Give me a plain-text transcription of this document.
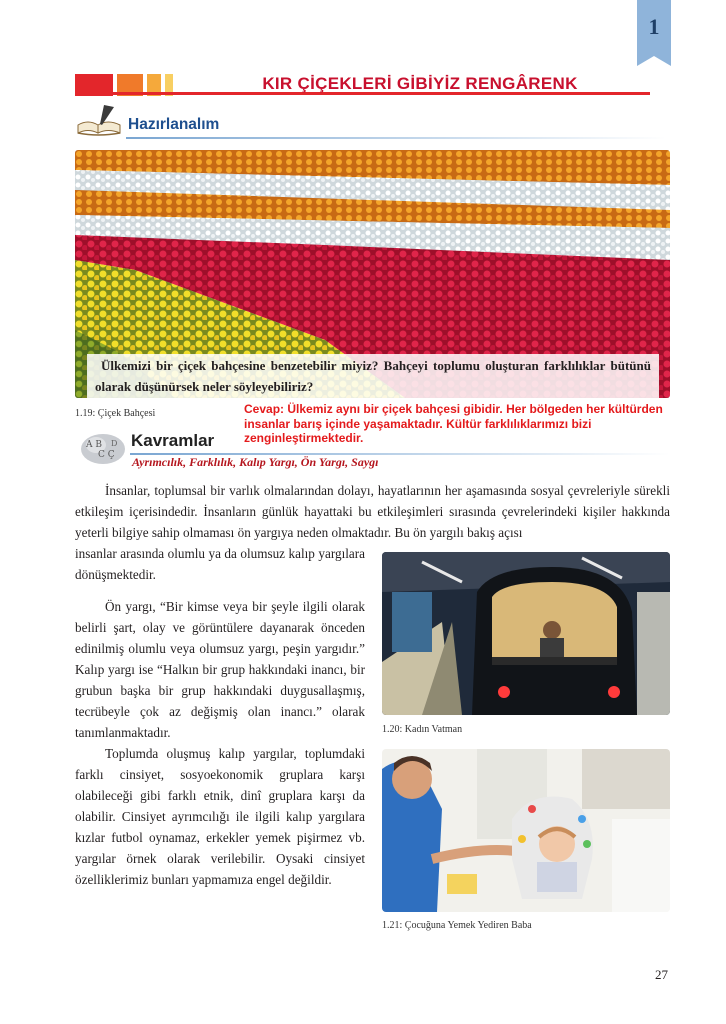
1
KIR ÇİÇEKLERİ GİBİYİZ RENGÂRENK
Hazırlanalım
Ülkemizi bir çiçek bahçesine benzetebilir miyiz? Bahçeyi toplumu oluşturan farklılıklar bütünü olarak düşünürsek neler söyleyebiliriz?
1.19: Çiçek Bahçesi	Cevap: Ülkemiz aynı bir çiçek bahçesi gibidir. Her bölgeden her kültürden insanlar barış içinde yaşamaktadır. Kültür farklılıklarımızı bizi zenginleştirmektedir.
A B
C Ç
D Kavramlar
Ayrımcılık, Farklılık, Kalıp Yargı, Ön Yargı, Saygı
İnsanlar, toplumsal bir varlık olmalarından dolayı, hayatlarının her aşamasında sosyal çevreleriyle sürekli etkileşim içerisindedir. İnsanların günlük hayattaki bu etkileşimleri sırasında çevrelerindeki kişiler hakkında yeterli bilgiye sahip olmaması ön yargıya neden olmaktadır. Bu ön yargılı bakış açısı
insanlar arasında olumlu ya da olumsuz kalıp yargılara dönüşmektedir.
Ön yargı, “Bir kimse veya bir şeyle ilgili olarak belirli şart, olay ve görüntülere dayanarak önceden edinilmiş olumlu veya olumsuz yargı, peşin yargıdır.” Kalıp yargı ise “Halkın bir grup hakkındaki inancı, bir grubun başka bir grup hakkındaki duygusallaşmış, tecrübeyle çok az değişmiş olan inancı.” olarak tanımlanmaktadır.
Toplumda oluşmuş kalıp yargılar, toplumdaki farklı cinsiyet, sosyoekonomik gruplara karşı olabileceği gibi farklı etnik, dinî gruplara karşı da olabilir. Cinsiyet ayrımcılığı ile ilgili kalıp yargılara kızlar futbol oynamaz, erkekler yemek pişirmez vb. yargılar örnek olarak verilebilir. Oysaki cinsiyet özelliklerimiz bunları yapmamıza engel değildir.
1.20: Kadın Vatman
1.21: Çocuğuna Yemek Yediren Baba
27
